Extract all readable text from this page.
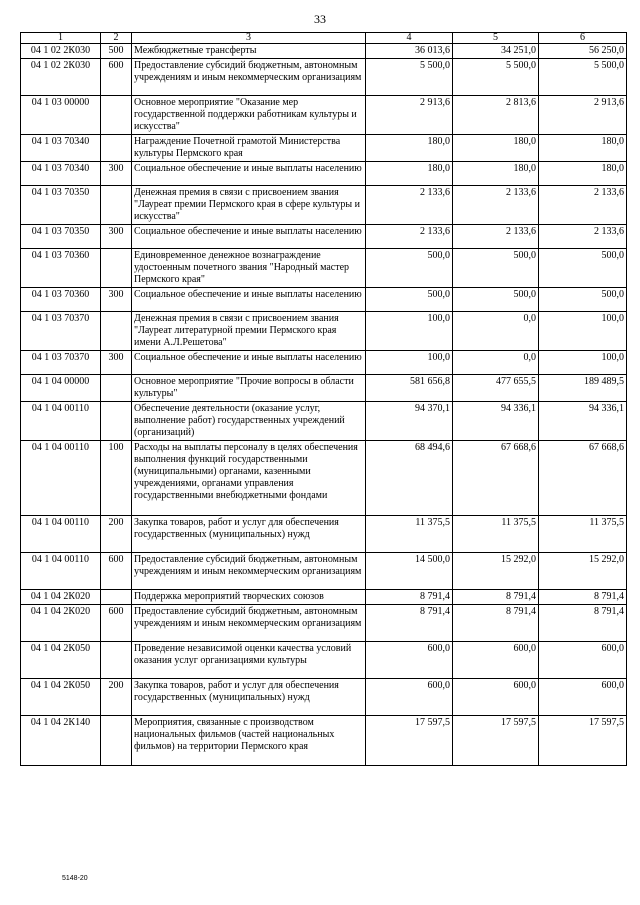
33
1	2	3	4	5	6
04 1 02 2К030	500	Межбюджетные трансферты	36 013,6	34 251,0	56 250,0
04 1 02 2К030	600	Предоставление субсидий бюджетным, автономным учреждениям и иным некоммерческим организациям	5 500,0	5 500,0	5 500,0
04 1 03 00000		Основное мероприятие "Оказание мер государственной поддержки работникам культуры и искусства"	2 913,6	2 813,6	2 913,6
04 1 03 70340		Награждение Почетной грамотой Министерства культуры Пермского края	180,0	180,0	180,0
04 1 03 70340	300	Социальное обеспечение и иные выплаты населению	180,0	180,0	180,0
04 1 03 70350		Денежная премия в связи с присвоением звания "Лауреат премии Пермского края в сфере культуры и искусства"	2 133,6	2 133,6	2 133,6
04 1 03 70350	300	Социальное обеспечение и иные выплаты населению	2 133,6	2 133,6	2 133,6
04 1 03 70360		Единовременное денежное вознаграждение удостоенным почетного звания "Народный мастер Пермского края"	500,0	500,0	500,0
04 1 03 70360	300	Социальное обеспечение и иные выплаты населению	500,0	500,0	500,0
04 1 03 70370		Денежная премия в связи с присвоением звания "Лауреат литературной премии Пермского края имени А.Л.Решетова"	100,0	0,0	100,0
04 1 03 70370	300	Социальное обеспечение и иные выплаты населению	100,0	0,0	100,0
04 1 04 00000		Основное мероприятие "Прочие вопросы в области культуры"	581 656,8	477 655,5	189 489,5
04 1 04 00110		Обеспечение деятельности (оказание услуг, выполнение работ) государственных учреждений (организаций)	94 370,1	94 336,1	94 336,1
04 1 04 00110	100	Расходы на выплаты персоналу в целях обеспечения выполнения функций государственными (муниципальными) органами, казенными учреждениями, органами управления государственными внебюджетными фондами	68 494,6	67 668,6	67 668,6
04 1 04 00110	200	Закупка товаров, работ и услуг для обеспечения государственных (муниципальных) нужд	11 375,5	11 375,5	11 375,5
04 1 04 00110	600	Предоставление субсидий бюджетным, автономным учреждениям и иным некоммерческим организациям	14 500,0	15 292,0	15 292,0
04 1 04 2К020		Поддержка мероприятий творческих союзов	8 791,4	8 791,4	8 791,4
04 1 04 2К020	600	Предоставление субсидий бюджетным, автономным учреждениям и иным некоммерческим организациям	8 791,4	8 791,4	8 791,4
04 1 04 2К050		Проведение независимой оценки качества условий оказания услуг организациями культуры	600,0	600,0	600,0
04 1 04 2К050	200	Закупка товаров, работ и услуг для обеспечения государственных (муниципальных) нужд	600,0	600,0	600,0
04 1 04 2К140		Мероприятия, связанные с производством национальных фильмов (частей национальных фильмов) на территории Пермского края	17 597,5	17 597,5	17 597,5
5148-20
